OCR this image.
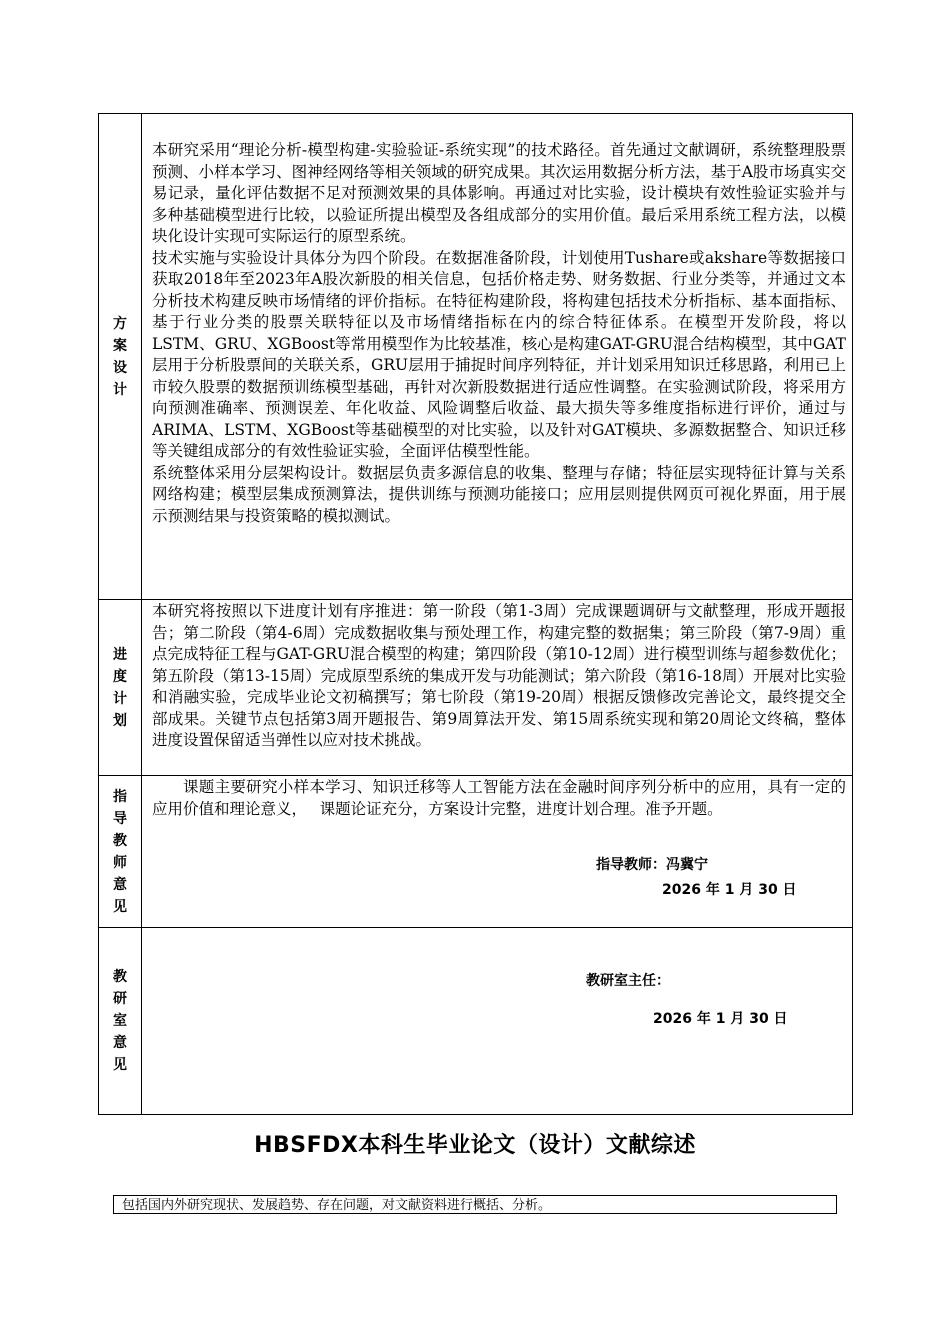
方案设计	本研究采用“理论分析-模型构建-实验验证-系统实现”的技术路径。首先通过文献调研，系统整理股票预测、小样本学习、图神经网络等相关领域的研究成果。其次运用数据分析方法，基于A股市场真实交易记录，量化评估数据不足对预测效果的具体影响。再通过对比实验，设计模块有效性验证实验并与多种基础模型进行比较，以验证所提出模型及各组成部分的实用价值。最后采用系统工程方法，以模块化设计实现可实际运行的原型系统。

技术实施与实验设计具体分为四个阶段。在数据准备阶段，计划使用Tushare或akshare等数据接口获取2018年至2023年A股次新股的相关信息，包括价格走势、财务数据、行业分类等，并通过文本分析技术构建反映市场情绪的评价指标。在特征构建阶段，将构建包括技术分析指标、基本面指标、基于行业分类的股票关联特征以及市场情绪指标在内的综合特征体系。在模型开发阶段，将以LSTM、GRU、XGBoost等常用模型作为比较基准，核心是构建GAT-GRU混合结构模型，其中GAT层用于分析股票间的关联关系，GRU层用于捕捉时间序列特征，并计划采用知识迁移思路，利用已上市较久股票的数据预训练模型基础，再针对次新股数据进行适应性调整。在实验测试阶段，将采用方向预测准确率、预测误差、年化收益、风险调整后收益、最大损失等多维度指标进行评价，通过与ARIMA、LSTM、XGBoost等基础模型的对比实验，以及针对GAT模块、多源数据整合、知识迁移等关键组成部分的有效性验证实验，全面评估模型性能。

系统整体采用分层架构设计。数据层负责多源信息的收集、整理与存储；特征层实现特征计算与关系网络构建；模型层集成预测算法，提供训练与预测功能接口；应用层则提供网页可视化界面，用于展示预测结果与投资策略的模拟测试。

进度计划	本研究将按照以下进度计划有序推进：第一阶段（第1-3周）完成课题调研与文献整理，形成开题报告；第二阶段（第4-6周）完成数据收集与预处理工作，构建完整的数据集；第三阶段（第7-9周）重点完成特征工程与GAT-GRU混合模型的构建；第四阶段（第10-12周）进行模型训练与超参数优化；第五阶段（第13-15周）完成原型系统的集成开发与功能测试；第六阶段（第16-18周）开展对比实验和消融实验，完成毕业论文初稿撰写；第七阶段（第19-20周）根据反馈修改完善论文，最终提交全部成果。关键节点包括第3周开题报告、第9周算法开发、第15周系统实现和第20周论文终稿，整体进度设置保留适当弹性以应对技术挑战。

指导教师意见	课题主要研究小样本学习、知识迁移等人工智能方法在金融时间序列分析中的应用，具有一定的应用价值和理论意义，　 课题论证充分，方案设计完整，进度计划合理。准予开题。

指导教师：冯冀宁
2026 年 1 月 30 日

教研室意见	教研室主任：
2026 年 1 月 30 日
HBSFDX本科生毕业论文（设计）文献综述
包括国内外研究现状、发展趋势、存在问题，对文献资料进行概括、分析。
